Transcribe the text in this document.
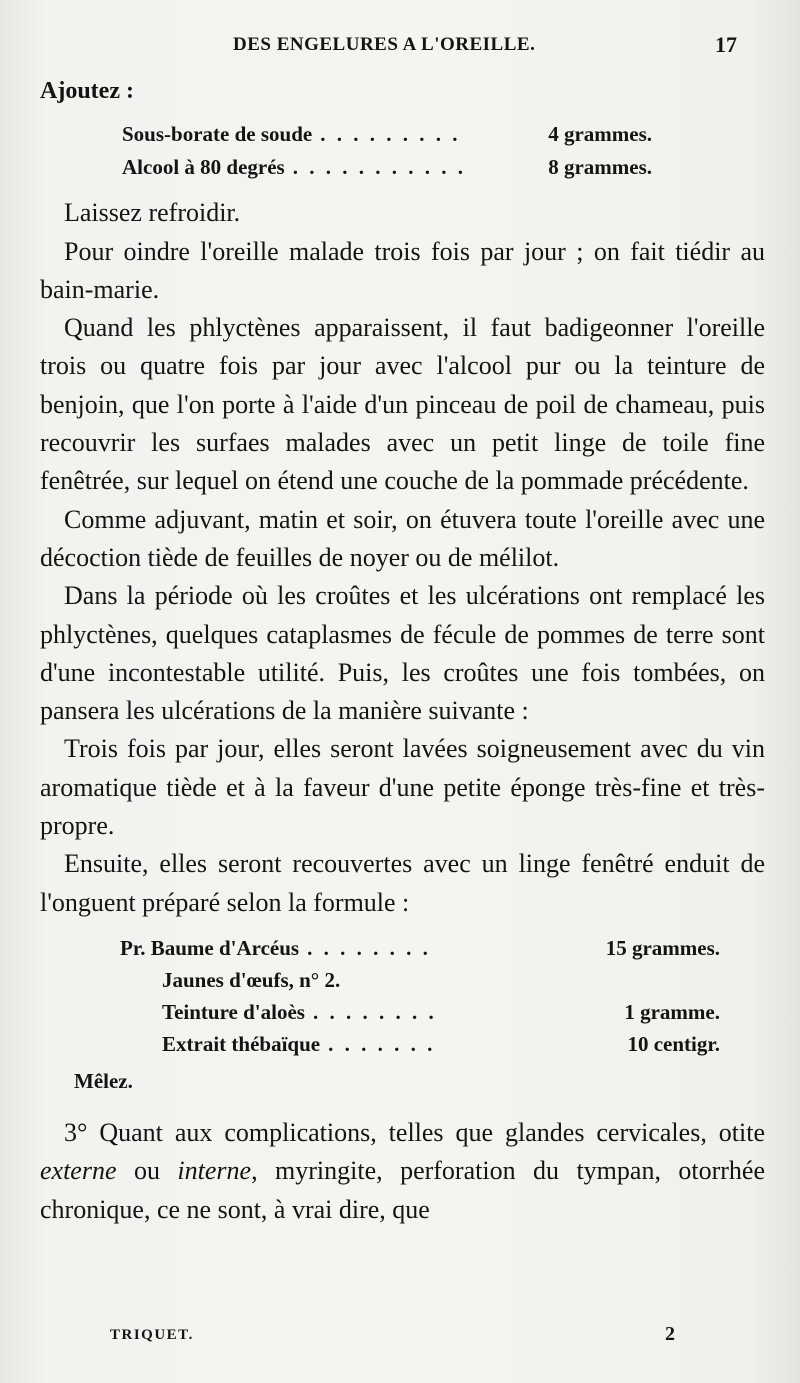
DES ENGELURES A L'OREILLE.	17

Ajoutez :

Sous-borate de soude . . . . . . . . .	4 grammes.
Alcool à 80 degrés . . . . . . . . . . .	8 grammes.

Laissez refroidir.

Pour oindre l'oreille malade trois fois par jour ; on fait tiédir au bain-marie.

Quand les phlyctènes apparaissent, il faut badigeonner l'oreille trois ou quatre fois par jour avec l'alcool pur ou la teinture de benjoin, que l'on porte à l'aide d'un pinceau de poil de chameau, puis recouvrir les surfaes malades avec un petit linge de toile fine fenêtrée, sur lequel on étend une couche de la pommade précédente.

Comme adjuvant, matin et soir, on étuvera toute l'oreille avec une décoction tiède de feuilles de noyer ou de mélilot.

Dans la période où les croûtes et les ulcérations ont remplacé les phlyctènes, quelques cataplasmes de fécule de pommes de terre sont d'une incontestable utilité. Puis, les croûtes une fois tombées, on pansera les ulcérations de la manière suivante :

Trois fois par jour, elles seront lavées soigneusement avec du vin aromatique tiède et à la faveur d'une petite éponge très-fine et très-propre.

Ensuite, elles seront recouvertes avec un linge fenêtré enduit de l'onguent préparé selon la formule :

Pr. Baume d'Arcéus . . . . . . . .	15 grammes.
Jaunes d'œufs, n° 2.
Teinture d'aloès . . . . . . . .	1 gramme.
Extrait thébaïque . . . . . . .	10 centigr.

Mêlez.

3° Quant aux complications, telles que glandes cervicales, otite externe ou interne, myringite, perforation du tympan, otorrhée chronique, ce ne sont, à vrai dire, que

TRIQUET.	2
